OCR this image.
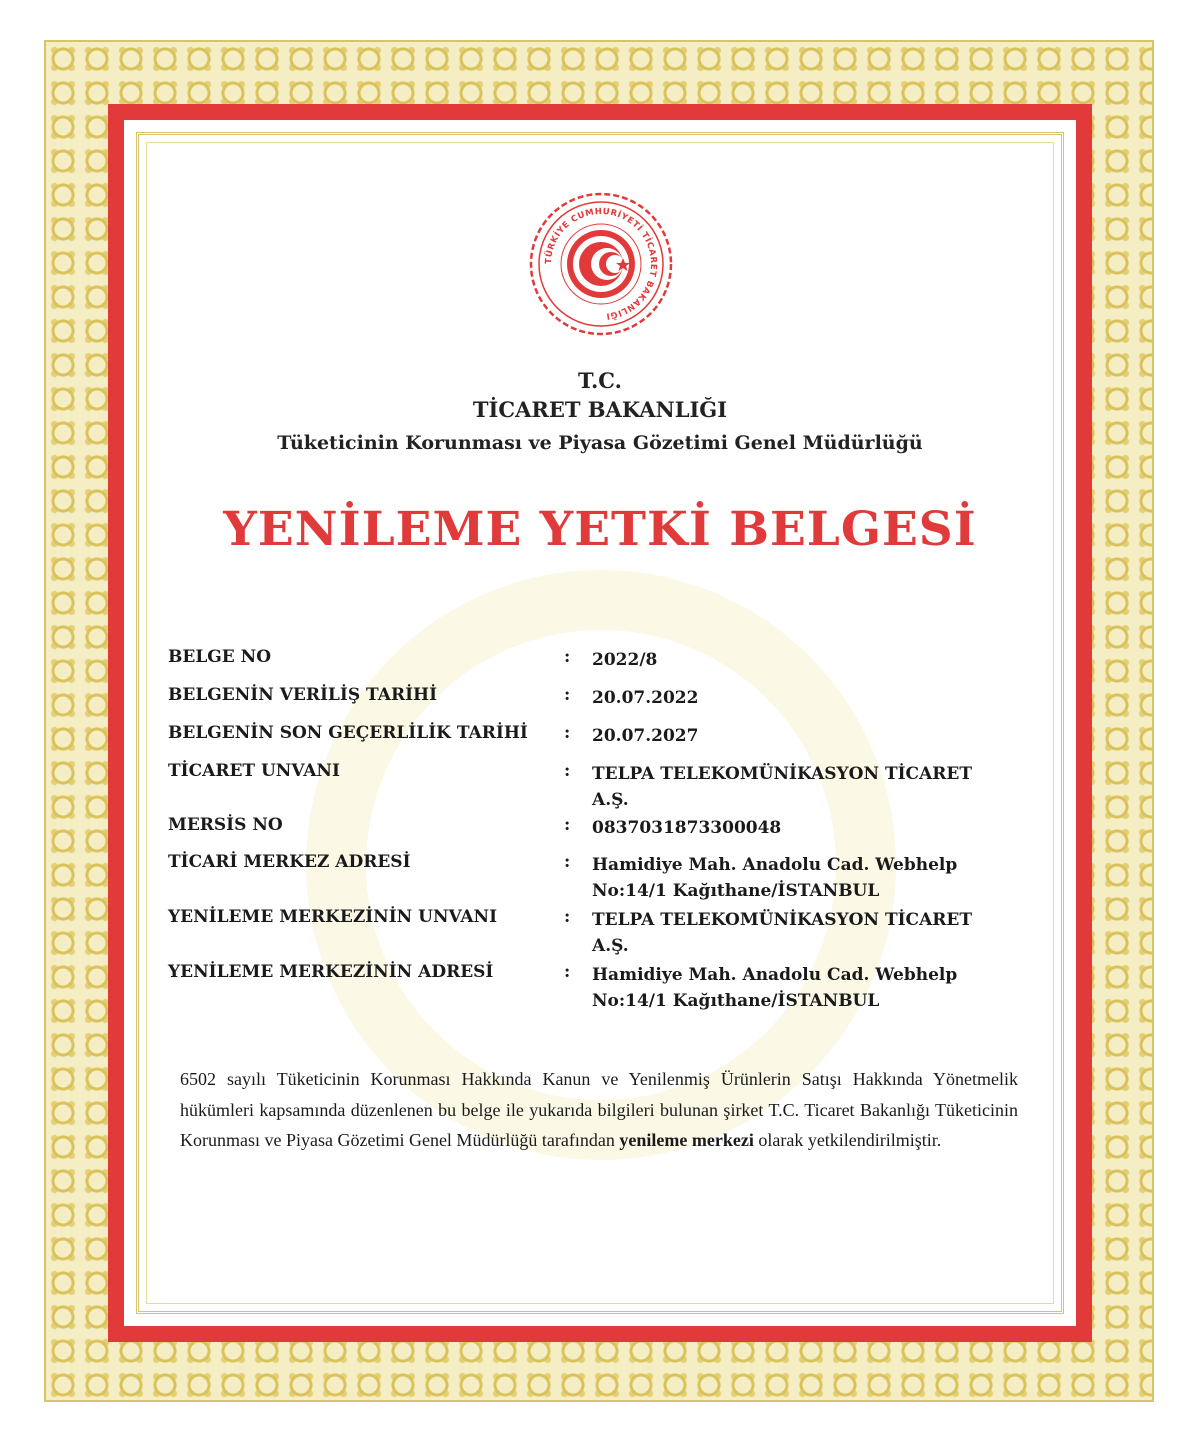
TÜRKİYE CUMHURİYETİ TİCARET BAKANLIĞI
T.C.
TİCARET BAKANLIĞI
Tüketicinin Korunması ve Piyasa Gözetimi Genel Müdürlüğü
YENİLEME YETKİ BELGESİ
BELGE NO	: 2022/8
BELGENİN VERİLİŞ TARİHİ	: 20.07.2022
BELGENİN SON GEÇERLİLİK TARİHİ	: 20.07.2027
TİCARET UNVANI	: TELPA TELEKOMÜNİKASYON TİCARET
A.Ş.
MERSİS NO	: 0837031873300048
TİCARİ MERKEZ ADRESİ	: Hamidiye Mah. Anadolu Cad. Webhelp
No:14/1 Kağıthane/İSTANBUL
YENİLEME MERKEZİNİN UNVANI	: TELPA TELEKOMÜNİKASYON TİCARET
A.Ş.
YENİLEME MERKEZİNİN ADRESİ	: Hamidiye Mah. Anadolu Cad. Webhelp
No:14/1 Kağıthane/İSTANBUL
6502 sayılı Tüketicinin Korunması Hakkında Kanun ve Yenilenmiş Ürünlerin Satışı Hakkında Yönetmelik hükümleri kapsamında düzenlenen bu belge ile yukarıda bilgileri bulunan şirket T.C. Ticaret Bakanlığı Tüketicinin Korunması ve Piyasa Gözetimi Genel Müdürlüğü tarafından yenileme merkezi olarak yetkilendirilmiştir.
